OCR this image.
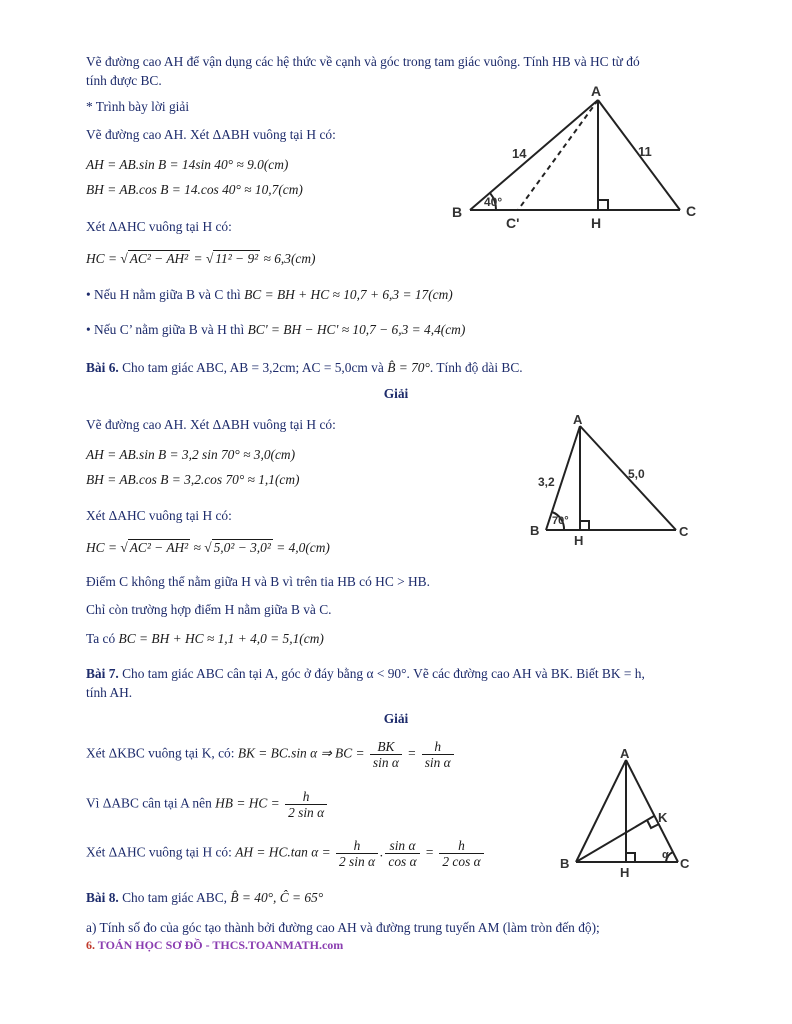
Vẽ đường cao AH để vận dụng các hệ thức về cạnh và góc trong tam giác vuông. Tính HB và HC từ đó
tính được BC.
* Trình bày lời giải
Vẽ đường cao AH. Xét ΔABH vuông tại H có:
AH = AB.sin B = 14sin 40° ≈ 9.0(cm)
BH = AB.cos B = 14.cos 40° ≈ 10,7(cm)
Xét ΔAHC vuông tại H có:
HC = √ AC² − AH² = √ 11² − 9² ≈ 6,3(cm)
• Nếu H nằm giữa B và C thì BC = BH + HC ≈ 10,7 + 6,3 = 17(cm)
• Nếu C’ nằm giữa B và H thì BC' = BH − HC' ≈ 10,7 − 6,3 = 4,4(cm)
A
B	C
C'	H
14	11
40°
Bài 6. Cho tam giác ABC, AB = 3,2cm; AC = 5,0cm và B̂ = 70°. Tính độ dài BC.
Giải
Vẽ đường cao AH. Xét ΔABH vuông tại H có:
AH = AB.sin B = 3,2 sin 70° ≈ 3,0(cm)
BH = AB.cos B = 3,2.cos 70° ≈ 1,1(cm)
Xét ΔAHC vuông tại H có:
HC = √ AC² − AH² ≈ √ 5,0² − 3,0² = 4,0(cm)
Điểm C không thể nằm giữa H và B vì trên tia HB có HC > HB.
Chỉ còn trường hợp điểm H nằm giữa B và C.
Ta có BC = BH + HC ≈ 1,1 + 4,0 = 5,1(cm)
A
B	C
H
3,2
5,0
70°
Bài 7. Cho tam giác ABC cân tại A, góc ở đáy bằng α < 90°. Vẽ các đường cao AH và BK. Biết BK = h,
tính AH.
Giải
Xét ΔKBC vuông tại K, có: BK = BC.sin α ⇒ BC = $\frac{BK}{\text{sin α}} = \frac{h}{\text{sin α}}$
Vì ΔABC cân tại A nên HB = HC = $\frac{h}{\text{2 sin α}}$
Xét ΔAHC vuông tại H có: AH = HC.tan $\alpha = \frac{h}{\text{2 sin α}}$ . $\frac{\text{sin α}}{\text{cos α}} = \frac{h}{\text{2 cos α}}$
A
B	C
H
K
α
Bài 8. Cho tam giác ABC, B̂ = 40°, Ĉ = 65°
a) Tính số đo của góc tạo thành bởi đường cao AH và đường trung tuyến AM (làm tròn đến độ);
6. TOÁN HỌC SƠ ĐỒ - THCS.TOANMATH.com
